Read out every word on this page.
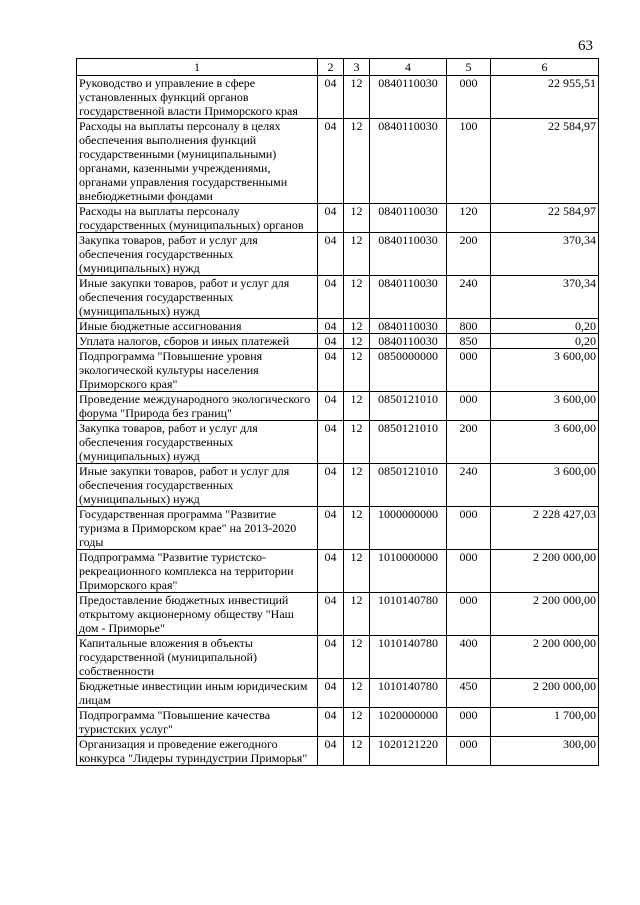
63
1	2	3	4	5	6
Руководство и управление в сфере установленных функций органов государственной власти Приморского края	04	12	0840110030	000	22 955,51
Расходы на выплаты персоналу в целях обеспечения выполнения функций государственными (муниципальными) органами, казенными учреждениями, органами управления государственными внебюджетными фондами	04	12	0840110030	100	22 584,97
Расходы на выплаты персоналу государственных (муниципальных) органов	04	12	0840110030	120	22 584,97
Закупка товаров, работ и услуг для обеспечения государственных (муниципальных) нужд	04	12	0840110030	200	370,34
Иные закупки товаров, работ и услуг для обеспечения государственных (муниципальных) нужд	04	12	0840110030	240	370,34
Иные бюджетные ассигнования	04	12	0840110030	800	0,20
Уплата налогов, сборов и иных платежей	04	12	0840110030	850	0,20
Подпрограмма "Повышение уровня экологической культуры населения Приморского края"	04	12	0850000000	000	3 600,00
Проведение международного экологического форума "Природа без границ"	04	12	0850121010	000	3 600,00
Закупка товаров, работ и услуг для обеспечения государственных (муниципальных) нужд	04	12	0850121010	200	3 600,00
Иные закупки товаров, работ и услуг для обеспечения государственных (муниципальных) нужд	04	12	0850121010	240	3 600,00
Государственная программа "Развитие туризма в Приморском крае" на 2013-2020 годы	04	12	1000000000	000	2 228 427,03
Подпрограмма "Развитие туристско-рекреационного комплекса на территории Приморского края"	04	12	1010000000	000	2 200 000,00
Предоставление бюджетных инвестиций открытому акционерному обществу "Наш дом - Приморье"	04	12	1010140780	000	2 200 000,00
Капитальные вложения в объекты государственной (муниципальной) собственности	04	12	1010140780	400	2 200 000,00
Бюджетные инвестиции иным юридическим лицам	04	12	1010140780	450	2 200 000,00
Подпрограмма "Повышение качества туристских услуг"	04	12	1020000000	000	1 700,00
Организация и проведение ежегодного конкурса "Лидеры туриндустрии Приморья"	04	12	1020121220	000	300,00
